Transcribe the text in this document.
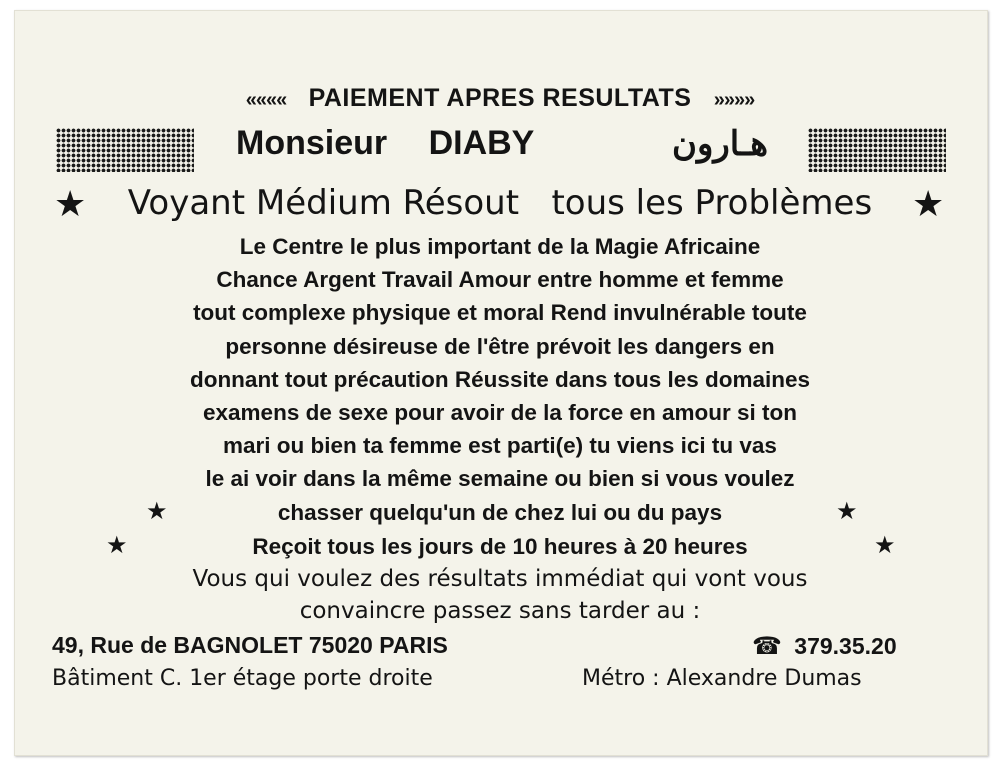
«««« PAIEMENT APRES RESULTATS »»»»
Monsieur DIABY	هـارون
★	Voyant Médium Résout   tous les Problèmes	★
Le Centre le plus important de la Magie Africaine
Chance Argent Travail Amour entre homme et femme
tout complexe physique et moral Rend invulnérable toute
personne désireuse de l'être prévoit les dangers en
donnant tout précaution Réussite dans tous les domaines
examens de sexe pour avoir de la force en amour si ton
mari ou bien ta femme est parti(e) tu viens ici tu vas
le ai voir dans la même semaine ou bien si vous voulez
★	chasser quelqu'un de chez lui ou du pays	★
★	Reçoit tous les jours de 10 heures à 20 heures	★
Vous qui voulez des résultats immédiat qui vont vous
convaincre passez sans tarder au :
49, Rue de BAGNOLET 75020 PARIS	☎ 379.35.20
Bâtiment C. 1er étage porte droite	Métro : Alexandre Dumas
